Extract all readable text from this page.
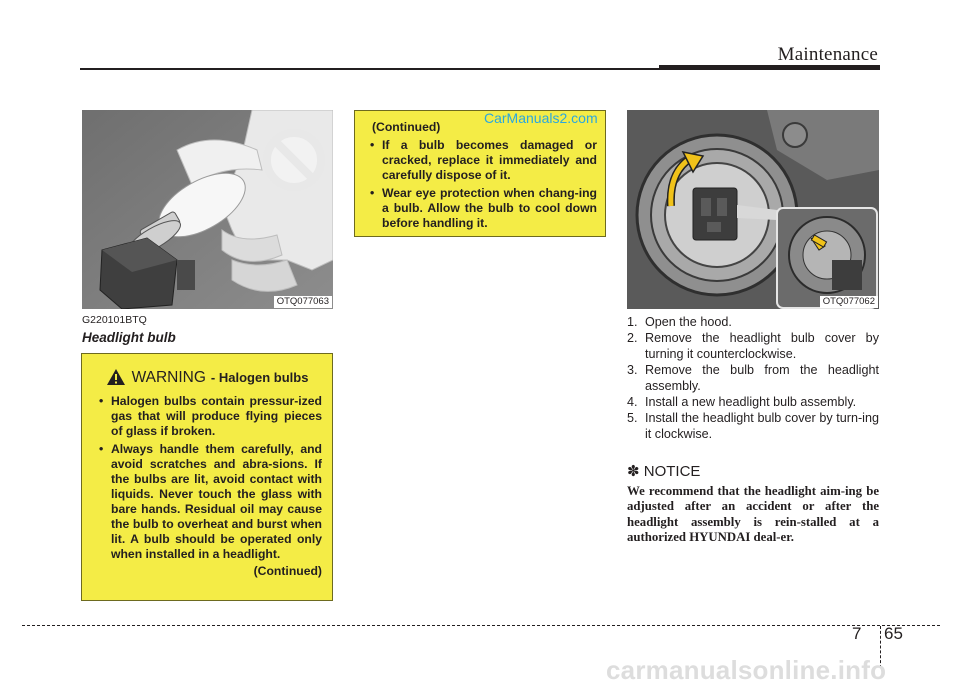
Maintenance
OTQ077063
G220101BTQ
Headlight bulb
WARNING - Halogen bulbs
• Halogen bulbs contain pressur-ized gas that will produce flying pieces of glass if broken.
• Always handle them carefully, and avoid scratches and abra-sions. If the bulbs are lit, avoid contact with liquids. Never touch the glass with bare hands. Residual oil may cause the bulb to overheat and burst when lit. A bulb should be operated only when installed in a headlight.
(Continued)
(Continued)
• If a bulb becomes damaged or cracked, replace it immediately and carefully dispose of it.
• Wear eye protection when chang-ing a bulb. Allow the bulb to cool down before handling it.
CarManuals2.com
OTQ077062
1. Open the hood.
2. Remove the headlight bulb cover by turning it counterclockwise.
3. Remove the bulb from the headlight assembly.
4. Install a new headlight bulb assembly.
5. Install the headlight bulb cover by turn-ing it clockwise.
✽ NOTICE
We recommend that the headlight aim-ing be adjusted after an accident or after the headlight assembly is rein-stalled at a authorized HYUNDAI deal-er.
7 65
carmanualsonline.info
